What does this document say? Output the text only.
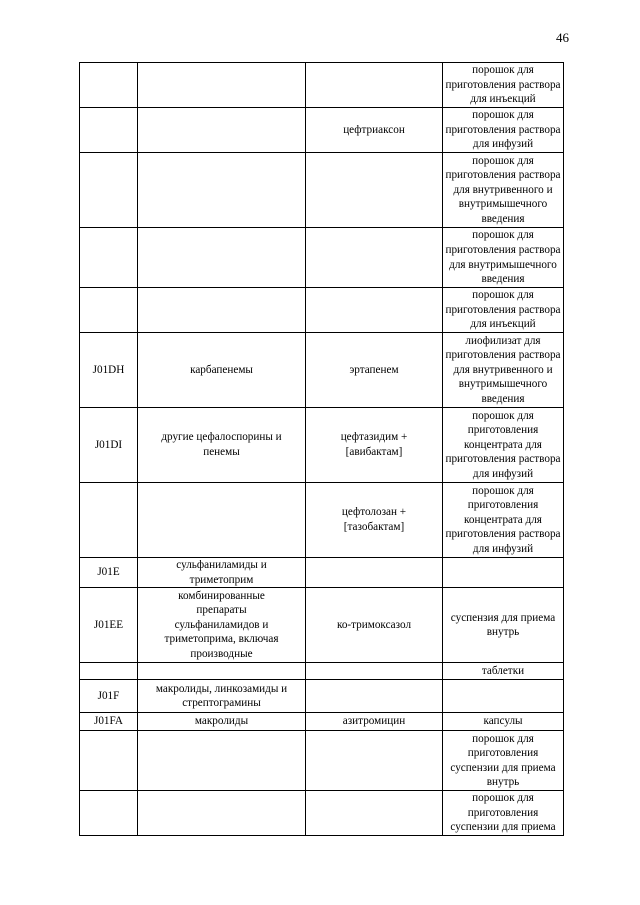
46
			порошок для
приготовления раствора
для инъекций
		цефтриаксон	порошок для
приготовления раствора
для инфузий
			порошок для
приготовления раствора
для внутривенного и
внутримышечного
введения
			порошок для
приготовления раствора
для внутримышечного
введения
			порошок для
приготовления раствора
для инъекций
J01DH	карбапенемы	эртапенем	лиофилизат для
приготовления раствора
для внутривенного и
внутримышечного
введения
J01DI	другие цефалоспорины и
пенемы	цефтазидим +
[авибактам]	порошок для
приготовления
концентрата для
приготовления раствора
для инфузий
		цефтолозан +
[тазобактам]	порошок для
приготовления
концентрата для
приготовления раствора
для инфузий
J01E	сульфаниламиды и
триметоприм		
J01EE	комбинированные
препараты
сульфаниламидов и
триметоприма, включая
производные	ко-тримоксазол	суспензия для приема
внутрь
			таблетки
J01F	макролиды, линкозамиды и
стрептограмины		
J01FA	макролиды	азитромицин	капсулы
			порошок для
приготовления
суспензии для приема
внутрь
			порошок для
приготовления
суспензии для приема
